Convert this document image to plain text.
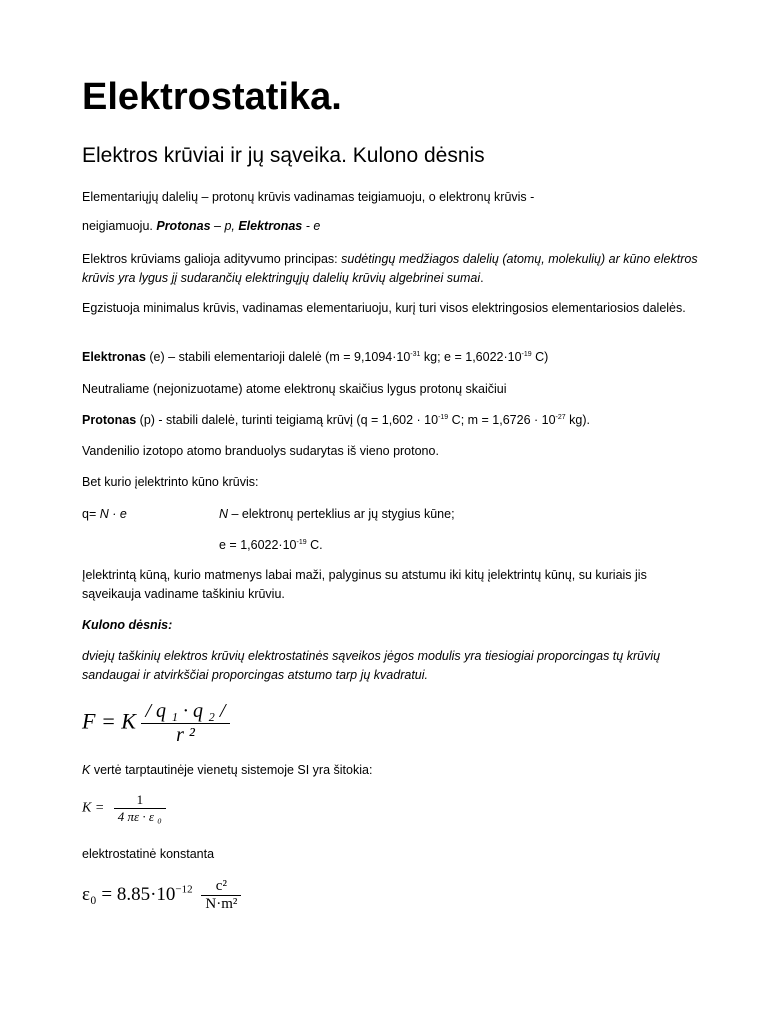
Elektrostatika.
Elektros krūviai ir jų sąveika. Kulono dėsnis

Elementariųjų dalelių – protonų krūvis vadinamas teigiamuoju, o elektronų krūvis -

neigiamuoju. Protonas – p, Elektronas - e

Elektros krūviams galioja adityvumo principas: sudėtingų medžiagos dalelių (atomų, molekulių) ar kūno elektros krūvis yra lygus jį sudarančių elektringųjų dalelių krūvių algebrinei sumai.

Egzistuoja minimalus krūvis, vadinamas elementariuoju, kurį turi visos elektringosios elementariosios dalelės.

Elektronas (e) – stabili elementarioji dalelė ($m = 9,1094\cdot 10^{-31}$ kg; $e = 1,6022\cdot 10^{-19}$ C)

Neutraliame (nejonizuotame) atome elektronų skaičius lygus protonų skaičiui

Protonas (p) - stabili dalelė, turinti teigiamą krūvį ($q = 1,602 \cdot 10^{-19}$ C; $m = 1,6726 \cdot 10^{-27}$ kg).

Vandenilio izotopo atomo branduolys sudarytas iš vieno protono.

Bet kurio įelektrinto kūno krūvis:

q= N · e	N – elektronų perteklius ar jų stygius kūne;

$e = 1,6022\cdot 10^{-19}$ C.

Įelektrintą kūną, kurio matmenys labai maži, palyginus su atstumu iki kitų įelektrintų kūnų, su kuriais jis sąveikauja vadiname taškiniu krūviu.

Kulono dėsnis:

dviejų taškinių elektros krūvių elektrostatinės sąveikos jėgos modulis yra tiesiogiai proporcingas tų krūvių sandaugai ir atvirkščiai proporcingas atstumo tarp jų kvadratui.

F = K $\frac{\text{/ q ₁ · q ₂ /}}{\text{r ²}}$

K vertė tarptautinėje vienetų sistemoje SI yra šitokia:

$K = \frac{1}{\text{4 πε · ε ₀}}$

elektrostatinė konstanta

$\varepsilon_0 = 8.85\cdot 10^{-12} \frac{\text{c²}}{\text{N·m²}}$
